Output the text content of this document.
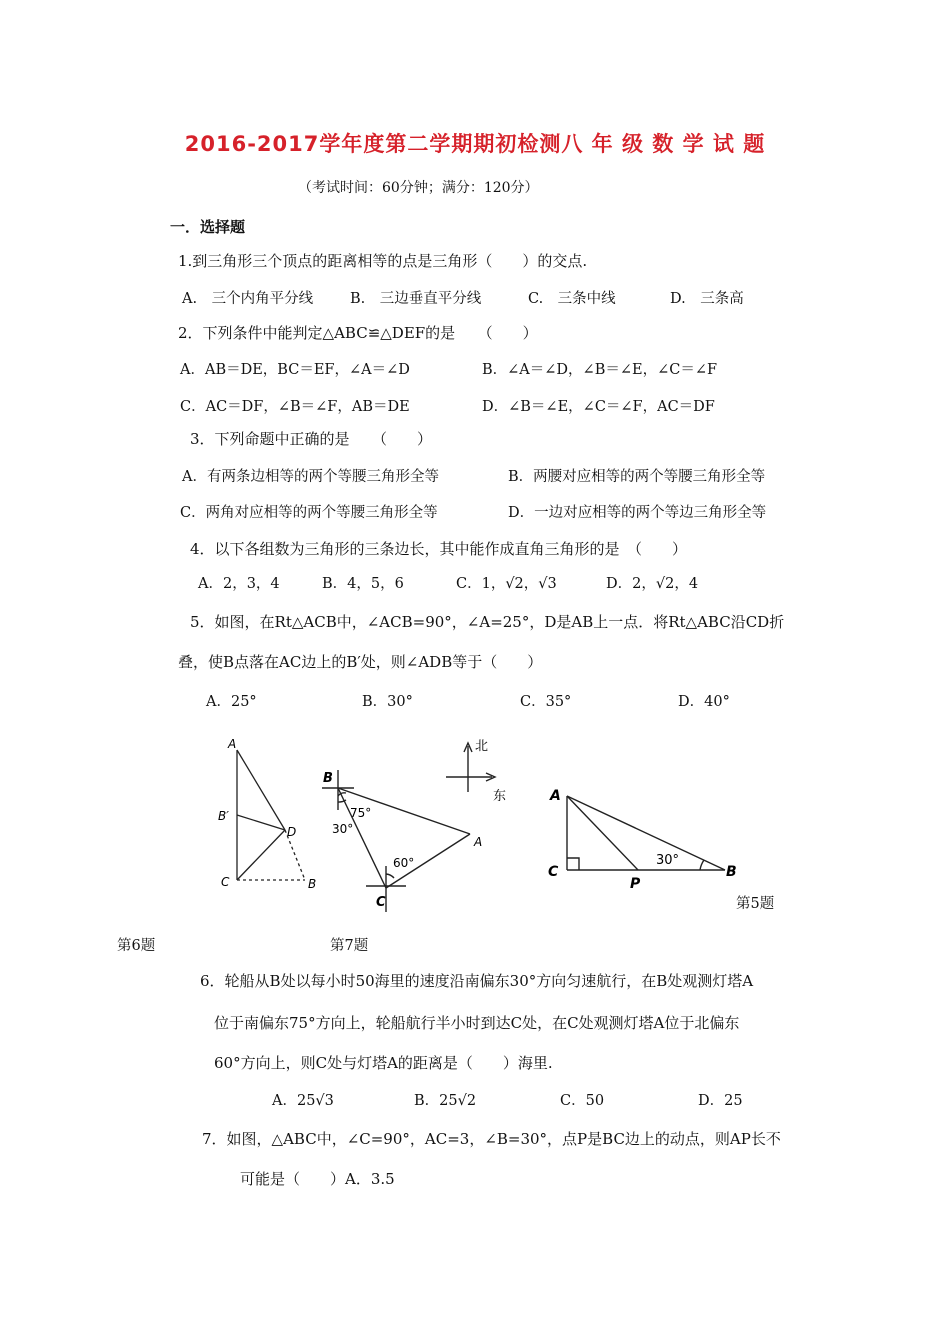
2016-2017学年度第二学期期初检测八 年 级 数 学 试 题
（考试时间：60分钟；满分：120分）
一．选择题
1.到三角形三个顶点的距离相等的点是三角形（　　）的交点.
A.　三个内角平分线	B.　三边垂直平分线	C.　三条中线	D.　三条高
2．下列条件中能判定△ABC≌△DEF的是　　（　　）
A．AB＝DE，BC＝EF，∠A＝∠D	B．∠A＝∠D，∠B＝∠E，∠C＝∠F
C．AC＝DF，∠B＝∠F，AB＝DE	D．∠B＝∠E，∠C＝∠F，AC＝DF
3．下列命题中正确的是　　（　　）
A．有两条边相等的两个等腰三角形全等	B．两腰对应相等的两个等腰三角形全等
C．两角对应相等的两个等腰三角形全等	D．一边对应相等的两个等边三角形全等
4．以下各组数为三角形的三条边长，其中能作成直角三角形的是　（　　）
A．2，3，4	B．4，5，6	C．1，√2，√3	D．2，√2，4
5．如图，在Rt△ACB中，∠ACB=90°，∠A=25°，D是AB上一点．将Rt△ABC沿CD折
叠，使B点落在AC边上的B′处，则∠ADB等于（　　）
A．25°	B．30°	C．35°	D．40°
A
B′
D
C	B
北
东
B
C
A
75°
30°
60°
A
C
P
B
30°
第5题
第6题	第7题
6．轮船从B处以每小时50海里的速度沿南偏东30°方向匀速航行，在B处观测灯塔A
位于南偏东75°方向上，轮船航行半小时到达C处，在C处观测灯塔A位于北偏东
60°方向上，则C处与灯塔A的距离是（　　）海里.
A．25√3	B．25√2	C．50	D．25
7．如图，△ABC中，∠C=90°，AC=3，∠B=30°，点P是BC边上的动点，则AP长不
可能是（　　）A．3.5
